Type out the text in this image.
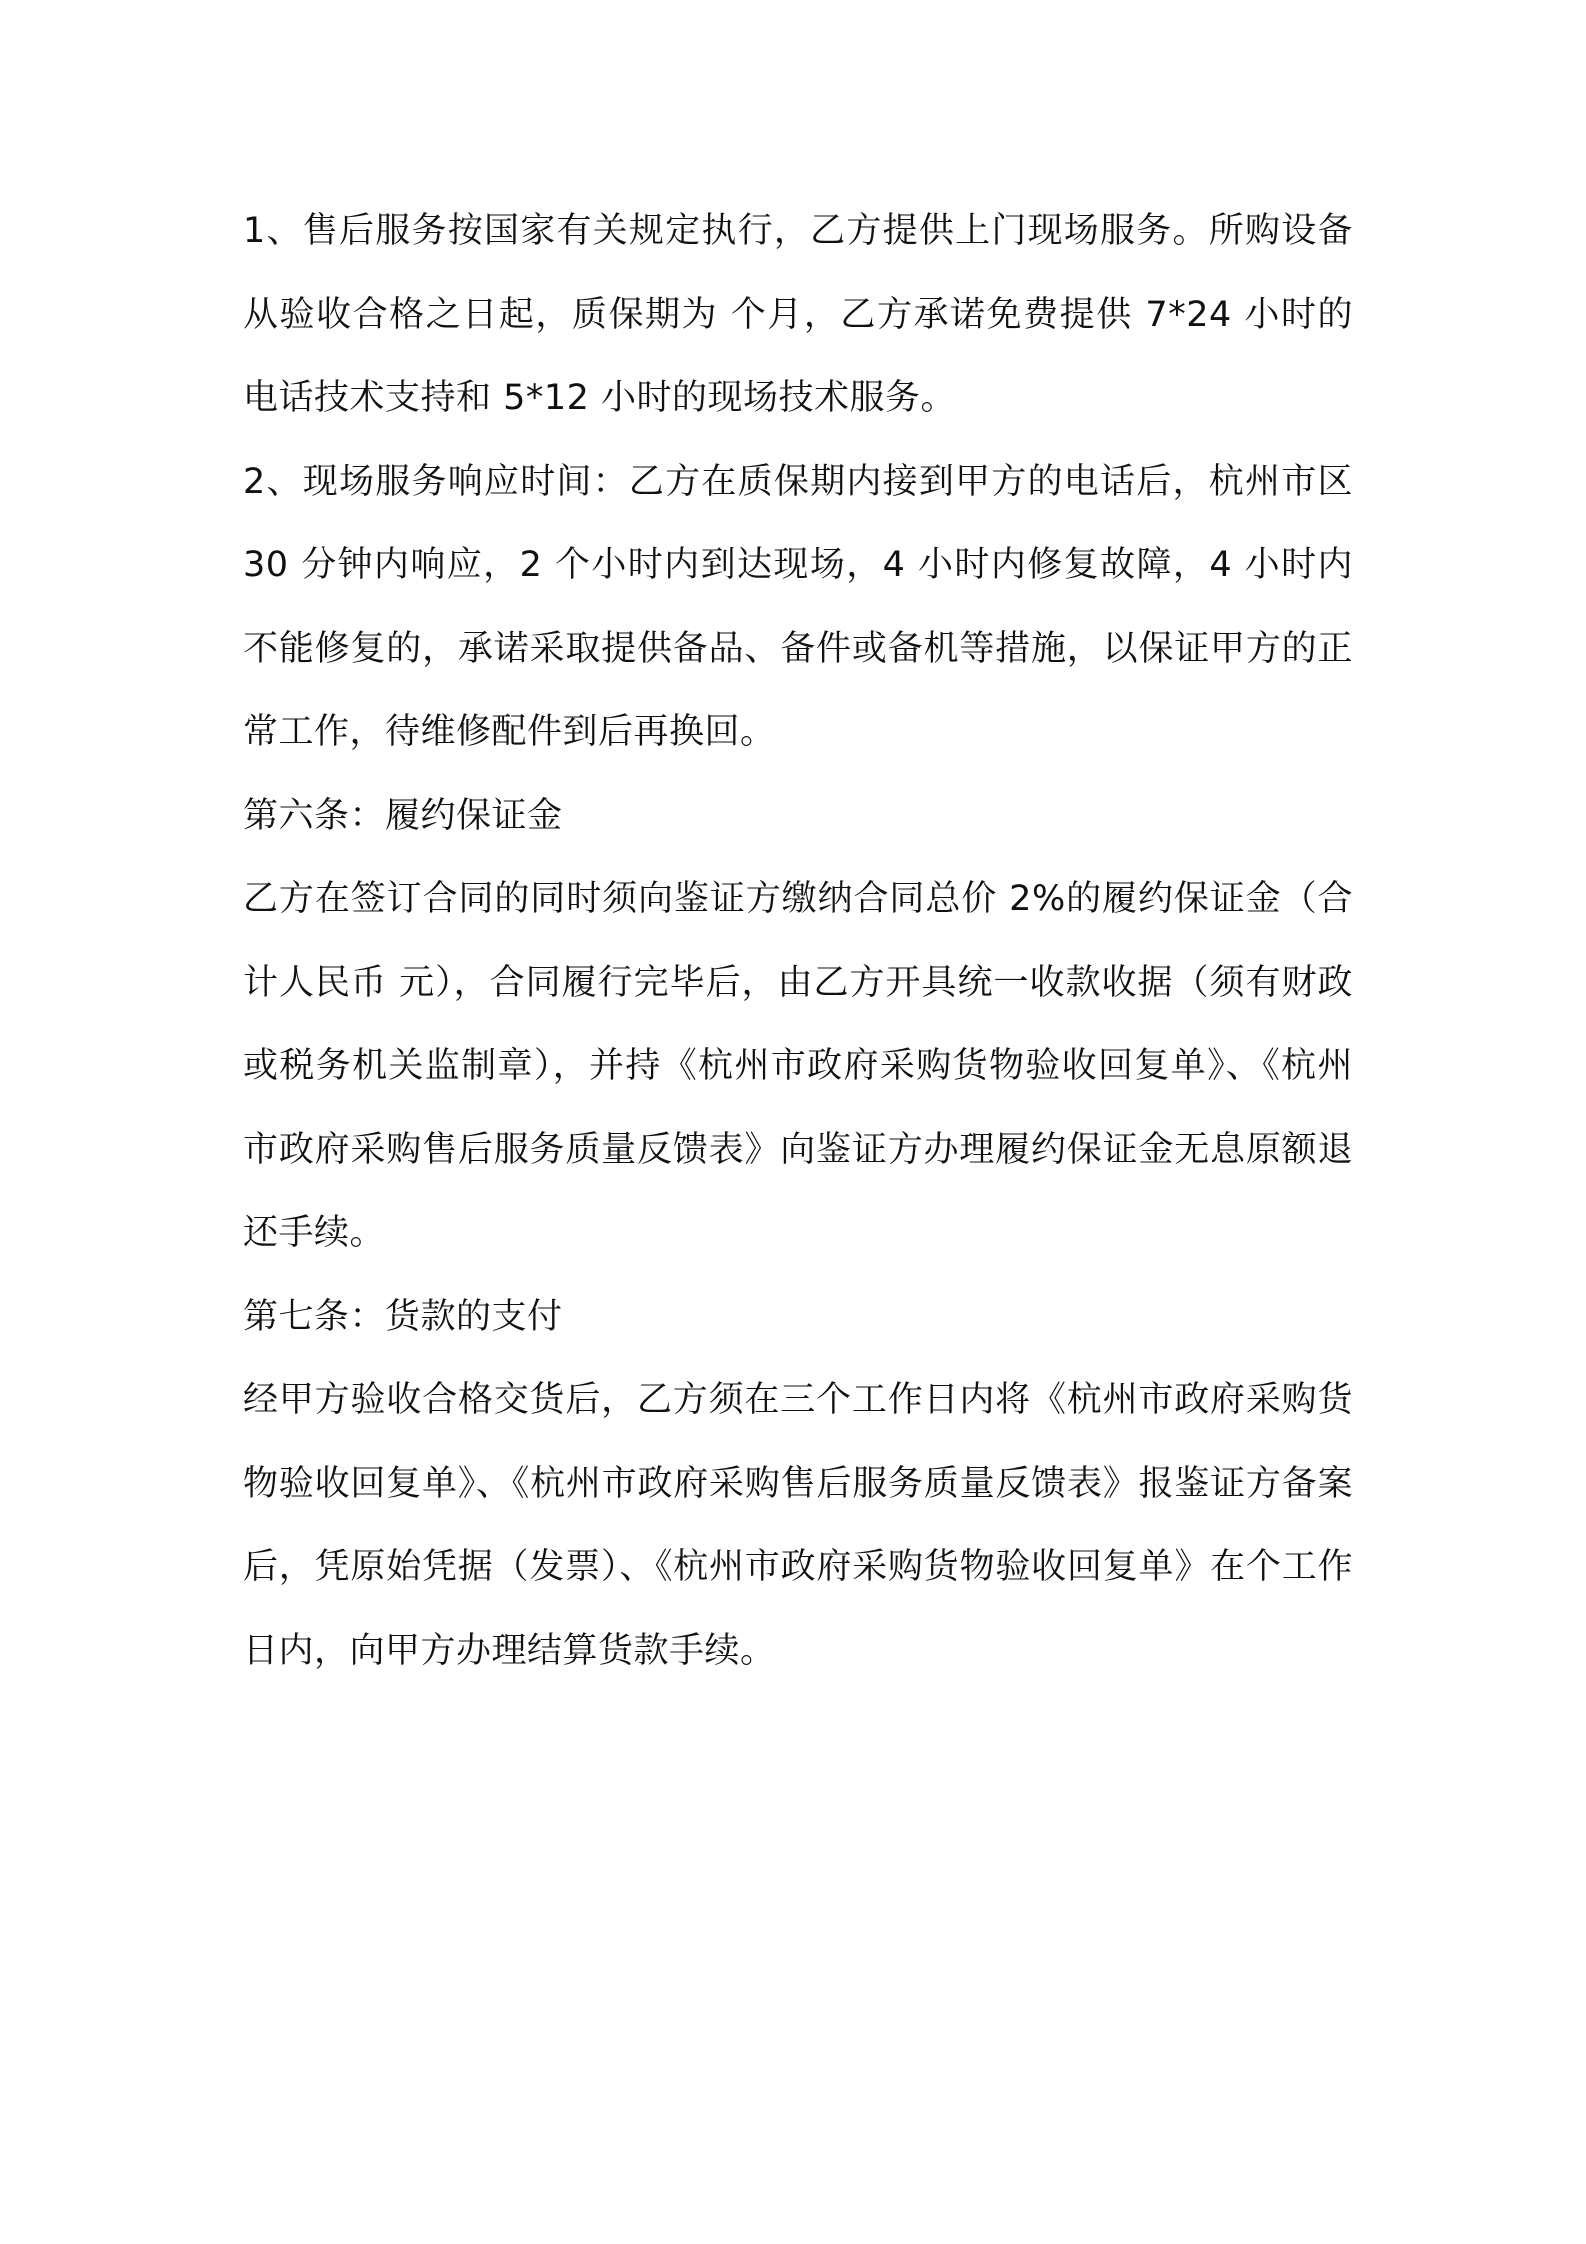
1、售后服务按国家有关规定执行，乙方提供上门现场服务。所购设备从验收合格之日起，质保期为 个月，乙方承诺免费提供 7*24 小时的电话技术支持和 5*12 小时的现场技术服务。

2、现场服务响应时间：乙方在质保期内接到甲方的电话后，杭州市区 30 分钟内响应，2 个小时内到达现场，4 小时内修复故障，4 小时内不能修复的，承诺采取提供备品、备件或备机等措施，以保证甲方的正常工作，待维修配件到后再换回。

第六条：履约保证金

乙方在签订合同的同时须向鉴证方缴纳合同总价 2%的履约保证金（合计人民币 元），合同履行完毕后，由乙方开具统一收款收据（须有财政或税务机关监制章），并持《杭州市政府采购货物验收回复单》、《杭州市政府采购售后服务质量反馈表》向鉴证方办理履约保证金无息原额退还手续。

第七条：货款的支付

经甲方验收合格交货后，乙方须在三个工作日内将《杭州市政府采购货物验收回复单》、《杭州市政府采购售后服务质量反馈表》报鉴证方备案后，凭原始凭据（发票）、《杭州市政府采购货物验收回复单》在个工作日内，向甲方办理结算货款手续。
